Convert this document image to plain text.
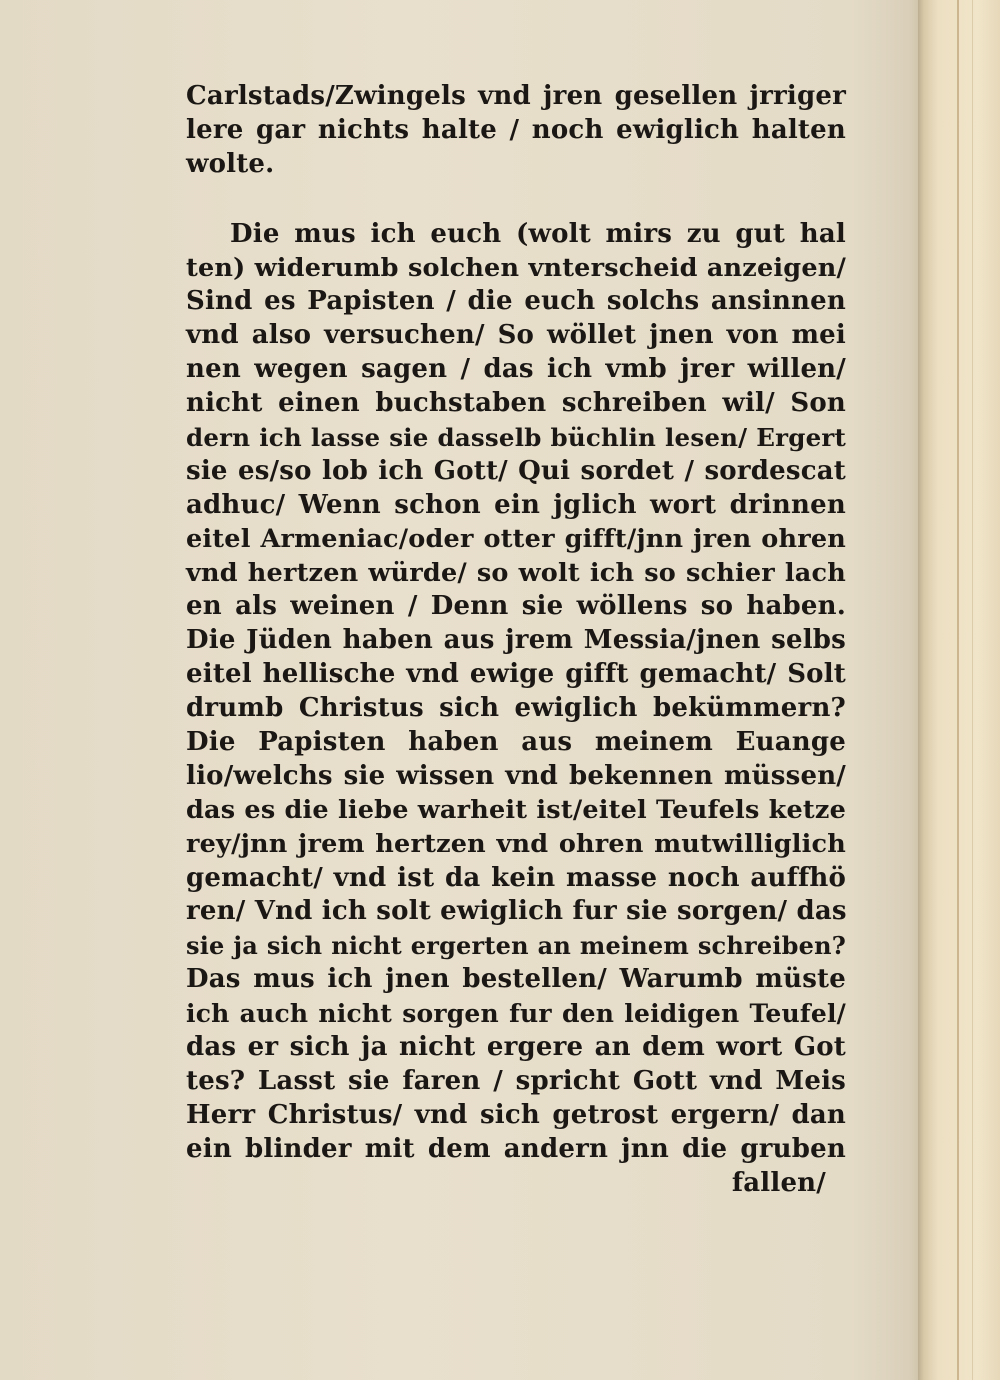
Carlstads/Zwingels vnd jren gesellen jrriger
lere gar nichts halte / noch ewiglich halten
wolte.
Die mus ich euch (wolt mirs zu gut hal
ten) widerumb solchen vnterscheid anzeigen/
Sind es Papisten / die euch solchs ansinnen
vnd also versuchen/ So wöllet jnen von mei
nen wegen sagen / das ich vmb jrer willen/
nicht einen buchstaben schreiben wil/ Son
dern ich lasse sie dasselb büchlin lesen/ Ergert
sie es/so lob ich Gott/ Qui sordet / sordescat
adhuc/ Wenn schon ein jglich wort drinnen
eitel Armeniac/oder otter gifft/jnn jren ohren
vnd hertzen würde/ so wolt ich so schier lach
en als weinen / Denn sie wöllens so haben.
Die Jüden haben aus jrem Messia/jnen selbs
eitel hellische vnd ewige gifft gemacht/ Solt
drumb Christus sich ewiglich bekümmern?
Die Papisten haben aus meinem Euange
lio/welchs sie wissen vnd bekennen müssen/
das es die liebe warheit ist/eitel Teufels ketze
rey/jnn jrem hertzen vnd ohren mutwilliglich
gemacht/ vnd ist da kein masse noch auffhö
ren/ Vnd ich solt ewiglich fur sie sorgen/ das
sie ja sich nicht ergerten an meinem schreiben?
Das mus ich jnen bestellen/ Warumb müste
ich auch nicht sorgen fur den leidigen Teufel/
das er sich ja nicht ergere an dem wort Got
tes? Lasst sie faren / spricht Gott vnd Meis
Herr Christus/ vnd sich getrost ergern/ dan
ein blinder mit dem andern jnn die gruben
fallen/
